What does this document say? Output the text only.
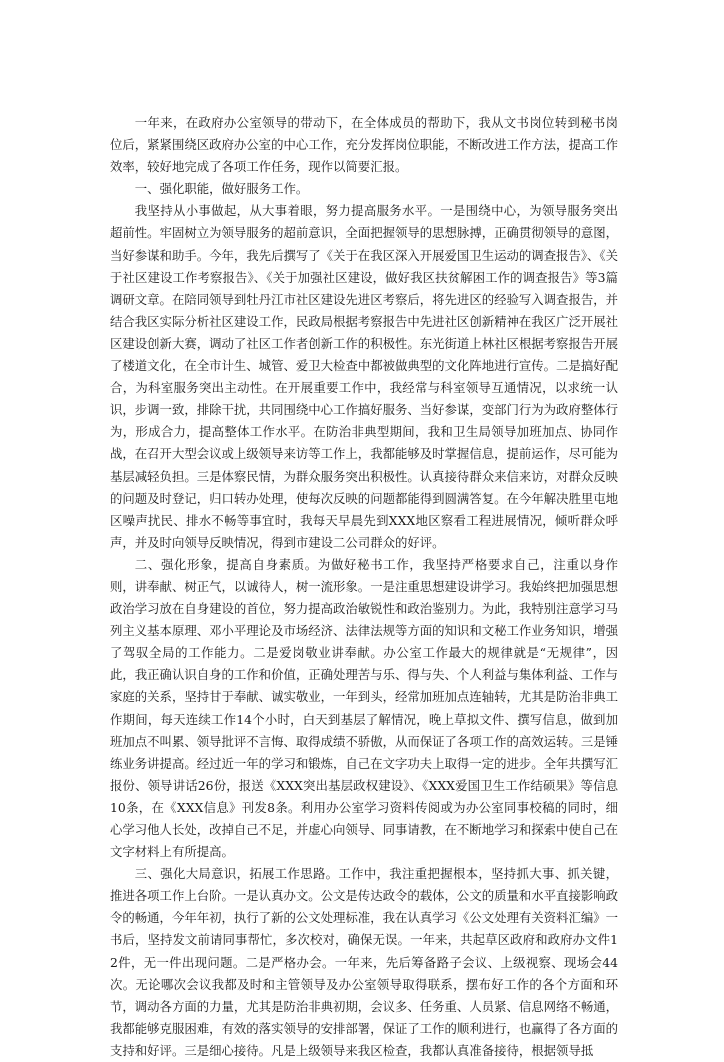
一年来，在政府办公室领导的带动下，在全体成员的帮助下，我从文书岗位转到秘书岗位后，紧紧围绕区政府办公室的中心工作，充分发挥岗位职能，不断改进工作方法，提高工作效率，较好地完成了各项工作任务，现作以简要汇报。

一、强化职能，做好服务工作。

我坚持从小事做起，从大事着眼，努力提高服务水平。一是围绕中心，为领导服务突出超前性。牢固树立为领导服务的超前意识，全面把握领导的思想脉搏，正确贯彻领导的意图，当好参谋和助手。今年，我先后撰写了《关于在我区深入开展爱国卫生运动的调查报告》、《关于社区建设工作考察报告》、《关于加强社区建设，做好我区扶贫解困工作的调查报告》等3篇调研文章。在陪同领导到牡丹江市社区建设先进区考察后，将先进区的经验写入调查报告，并结合我区实际分析社区建设工作，民政局根据考察报告中先进社区创新精神在我区广泛开展社区建设创新大赛，调动了社区工作者创新工作的积极性。东光街道上林社区根据考察报告开展了楼道文化，在全市计生、城管、爱卫大检查中都被做典型的文化阵地进行宣传。二是搞好配合，为科室服务突出主动性。在开展重要工作中，我经常与科室领导互通情况，以求统一认识，步调一致，排除干扰，共同围绕中心工作搞好服务、当好参谋，变部门行为为政府整体行为，形成合力，提高整体工作水平。在防治非典型期间，我和卫生局领导加班加点、协同作战，在召开大型会议或上级领导来访等工作上，我都能够及时掌握信息，提前运作，尽可能为基层减轻负担。三是体察民情，为群众服务突出积极性。认真接待群众来信来访，对群众反映的问题及时登记，归口转办处理，使每次反映的问题都能得到圆满答复。在今年解决胜里屯地区噪声扰民、排水不畅等事宜时，我每天早晨先到XXX地区察看工程进展情况，倾听群众呼声，并及时向领导反映情况，得到市建设二公司群众的好评。

二、强化形象，提高自身素质。为做好秘书工作，我坚持严格要求自己，注重以身作则，讲奉献、树正气，以诚待人，树一流形象。一是注重思想建设讲学习。我始终把加强思想政治学习放在自身建设的首位，努力提高政治敏锐性和政治鉴别力。为此，我特别注意学习马列主义基本原理、邓小平理论及市场经济、法律法规等方面的知识和文秘工作业务知识，增强了驾驭全局的工作能力。二是爱岗敬业讲奉献。办公室工作最大的规律就是“无规律”，因此，我正确认识自身的工作和价值，正确处理苦与乐、得与失、个人利益与集体利益、工作与家庭的关系，坚持甘于奉献、诚实敬业，一年到头，经常加班加点连轴转，尤其是防治非典工作期间，每天连续工作14个小时，白天到基层了解情况，晚上草拟文件、撰写信息，做到加班加点不叫累、领导批评不言悔、取得成绩不骄傲，从而保证了各项工作的高效运转。三是锤练业务讲提高。经过近一年的学习和锻炼，自己在文字功夫上取得一定的进步。全年共撰写汇报份、领导讲话26份，报送《XXX突出基层政权建设》、《XXX爱国卫生工作结硕果》等信息10条，在《XXX信息》刊发8条。利用办公室学习资料传阅或为办公室同事校稿的同时，细心学习他人长处，改掉自己不足，并虚心向领导、同事请教，在不断地学习和探索中使自己在文字材料上有所提高。

三、强化大局意识，拓展工作思路。工作中，我注重把握根本，坚持抓大事、抓关键，推进各项工作上台阶。一是认真办文。公文是传达政令的载体，公文的质量和水平直接影响政令的畅通，今年年初，执行了新的公文处理标准，我在认真学习《公文处理有关资料汇编》一书后，坚持发文前请同事帮忙，多次校对，确保无误。一年来，共起草区政府和政府办文件12件，无一件出现问题。二是严格办会。一年来，先后筹备路子会议、上级视察、现场会44次。无论哪次会议我都及时和主管领导及办公室领导取得联系，摆布好工作的各个方面和环节，调动各方面的力量，尤其是防治非典初期，会议多、任务重、人员紧、信息网络不畅通，我都能够克服困难，有效的落实领导的安排部署，保证了工作的顺利进行，也赢得了各方面的支持和好评。三是细心接待。凡是上级领导来我区检查，我都认真准备接待，根据领导抵
